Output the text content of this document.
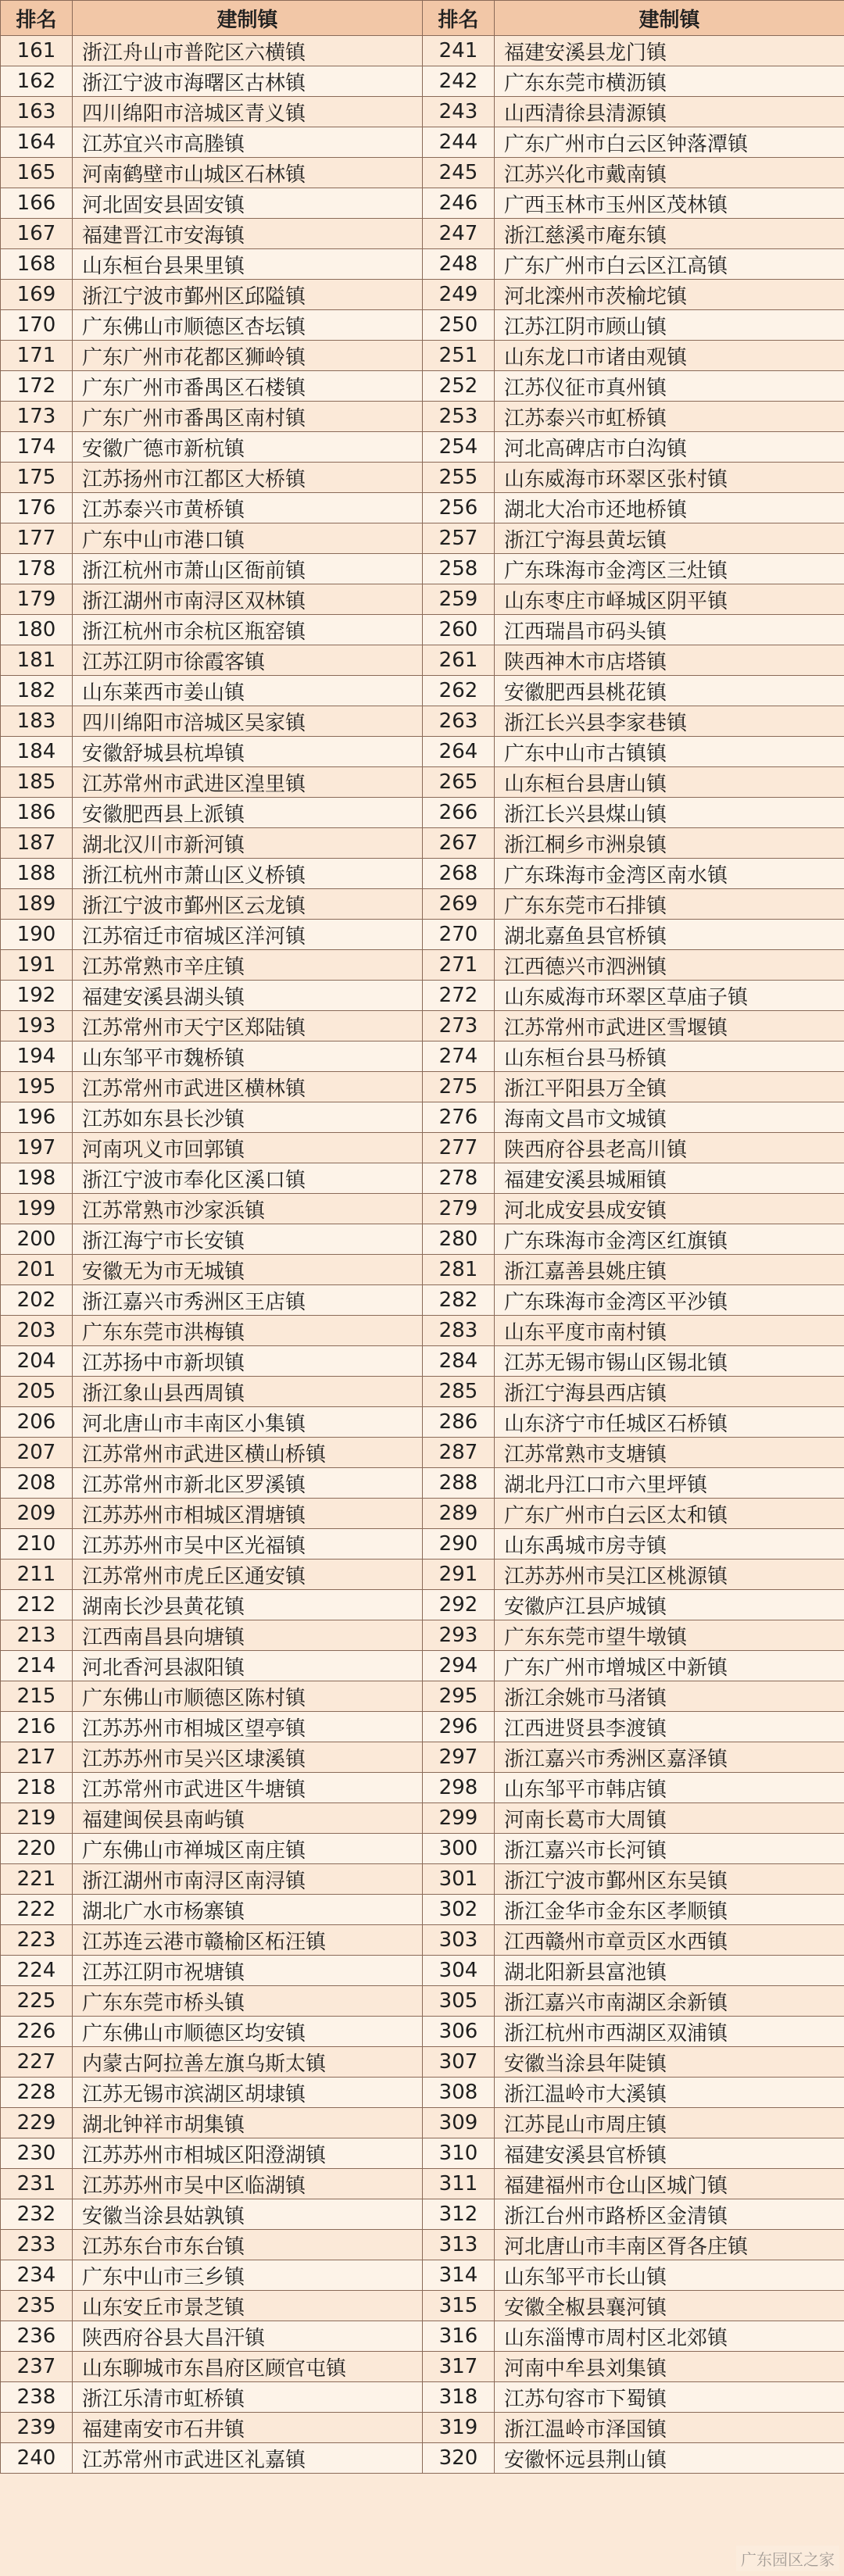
排名	建制镇	排名	建制镇
161	浙江舟山市普陀区六横镇	241	福建安溪县龙门镇
162	浙江宁波市海曙区古林镇	242	广东东莞市横沥镇
163	四川绵阳市涪城区青义镇	243	山西清徐县清源镇
164	江苏宜兴市高塍镇	244	广东广州市白云区钟落潭镇
165	河南鹤壁市山城区石林镇	245	江苏兴化市戴南镇
166	河北固安县固安镇	246	广西玉林市玉州区茂林镇
167	福建晋江市安海镇	247	浙江慈溪市庵东镇
168	山东桓台县果里镇	248	广东广州市白云区江高镇
169	浙江宁波市鄞州区邱隘镇	249	河北滦州市茨榆坨镇
170	广东佛山市顺德区杏坛镇	250	江苏江阴市顾山镇
171	广东广州市花都区狮岭镇	251	山东龙口市诸由观镇
172	广东广州市番禺区石楼镇	252	江苏仪征市真州镇
173	广东广州市番禺区南村镇	253	江苏泰兴市虹桥镇
174	安徽广德市新杭镇	254	河北高碑店市白沟镇
175	江苏扬州市江都区大桥镇	255	山东威海市环翠区张村镇
176	江苏泰兴市黄桥镇	256	湖北大冶市还地桥镇
177	广东中山市港口镇	257	浙江宁海县黄坛镇
178	浙江杭州市萧山区衙前镇	258	广东珠海市金湾区三灶镇
179	浙江湖州市南浔区双林镇	259	山东枣庄市峄城区阴平镇
180	浙江杭州市余杭区瓶窑镇	260	江西瑞昌市码头镇
181	江苏江阴市徐霞客镇	261	陕西神木市店塔镇
182	山东莱西市姜山镇	262	安徽肥西县桃花镇
183	四川绵阳市涪城区吴家镇	263	浙江长兴县李家巷镇
184	安徽舒城县杭埠镇	264	广东中山市古镇镇
185	江苏常州市武进区湟里镇	265	山东桓台县唐山镇
186	安徽肥西县上派镇	266	浙江长兴县煤山镇
187	湖北汉川市新河镇	267	浙江桐乡市洲泉镇
188	浙江杭州市萧山区义桥镇	268	广东珠海市金湾区南水镇
189	浙江宁波市鄞州区云龙镇	269	广东东莞市石排镇
190	江苏宿迁市宿城区洋河镇	270	湖北嘉鱼县官桥镇
191	江苏常熟市辛庄镇	271	江西德兴市泗洲镇
192	福建安溪县湖头镇	272	山东威海市环翠区草庙子镇
193	江苏常州市天宁区郑陆镇	273	江苏常州市武进区雪堰镇
194	山东邹平市魏桥镇	274	山东桓台县马桥镇
195	江苏常州市武进区横林镇	275	浙江平阳县万全镇
196	江苏如东县长沙镇	276	海南文昌市文城镇
197	河南巩义市回郭镇	277	陕西府谷县老高川镇
198	浙江宁波市奉化区溪口镇	278	福建安溪县城厢镇
199	江苏常熟市沙家浜镇	279	河北成安县成安镇
200	浙江海宁市长安镇	280	广东珠海市金湾区红旗镇
201	安徽无为市无城镇	281	浙江嘉善县姚庄镇
202	浙江嘉兴市秀洲区王店镇	282	广东珠海市金湾区平沙镇
203	广东东莞市洪梅镇	283	山东平度市南村镇
204	江苏扬中市新坝镇	284	江苏无锡市锡山区锡北镇
205	浙江象山县西周镇	285	浙江宁海县西店镇
206	河北唐山市丰南区小集镇	286	山东济宁市任城区石桥镇
207	江苏常州市武进区横山桥镇	287	江苏常熟市支塘镇
208	江苏常州市新北区罗溪镇	288	湖北丹江口市六里坪镇
209	江苏苏州市相城区渭塘镇	289	广东广州市白云区太和镇
210	江苏苏州市吴中区光福镇	290	山东禹城市房寺镇
211	江苏常州市虎丘区通安镇	291	江苏苏州市吴江区桃源镇
212	湖南长沙县黄花镇	292	安徽庐江县庐城镇
213	江西南昌县向塘镇	293	广东东莞市望牛墩镇
214	河北香河县淑阳镇	294	广东广州市增城区中新镇
215	广东佛山市顺德区陈村镇	295	浙江余姚市马渚镇
216	江苏苏州市相城区望亭镇	296	江西进贤县李渡镇
217	江苏苏州市吴兴区埭溪镇	297	浙江嘉兴市秀洲区嘉泽镇
218	江苏常州市武进区牛塘镇	298	山东邹平市韩店镇
219	福建闽侯县南屿镇	299	河南长葛市大周镇
220	广东佛山市禅城区南庄镇	300	浙江嘉兴市长河镇
221	浙江湖州市南浔区南浔镇	301	浙江宁波市鄞州区东吴镇
222	湖北广水市杨寨镇	302	浙江金华市金东区孝顺镇
223	江苏连云港市赣榆区柘汪镇	303	江西赣州市章贡区水西镇
224	江苏江阴市祝塘镇	304	湖北阳新县富池镇
225	广东东莞市桥头镇	305	浙江嘉兴市南湖区余新镇
226	广东佛山市顺德区均安镇	306	浙江杭州市西湖区双浦镇
227	内蒙古阿拉善左旗乌斯太镇	307	安徽当涂县年陡镇
228	江苏无锡市滨湖区胡埭镇	308	浙江温岭市大溪镇
229	湖北钟祥市胡集镇	309	江苏昆山市周庄镇
230	江苏苏州市相城区阳澄湖镇	310	福建安溪县官桥镇
231	江苏苏州市吴中区临湖镇	311	福建福州市仓山区城门镇
232	安徽当涂县姑孰镇	312	浙江台州市路桥区金清镇
233	江苏东台市东台镇	313	河北唐山市丰南区胥各庄镇
234	广东中山市三乡镇	314	山东邹平市长山镇
235	山东安丘市景芝镇	315	安徽全椒县襄河镇
236	陕西府谷县大昌汗镇	316	山东淄博市周村区北郊镇
237	山东聊城市东昌府区顾官屯镇	317	河南中牟县刘集镇
238	浙江乐清市虹桥镇	318	江苏句容市下蜀镇
239	福建南安市石井镇	319	浙江温岭市泽国镇
240	江苏常州市武进区礼嘉镇	320	安徽怀远县荆山镇
广东园区之家
